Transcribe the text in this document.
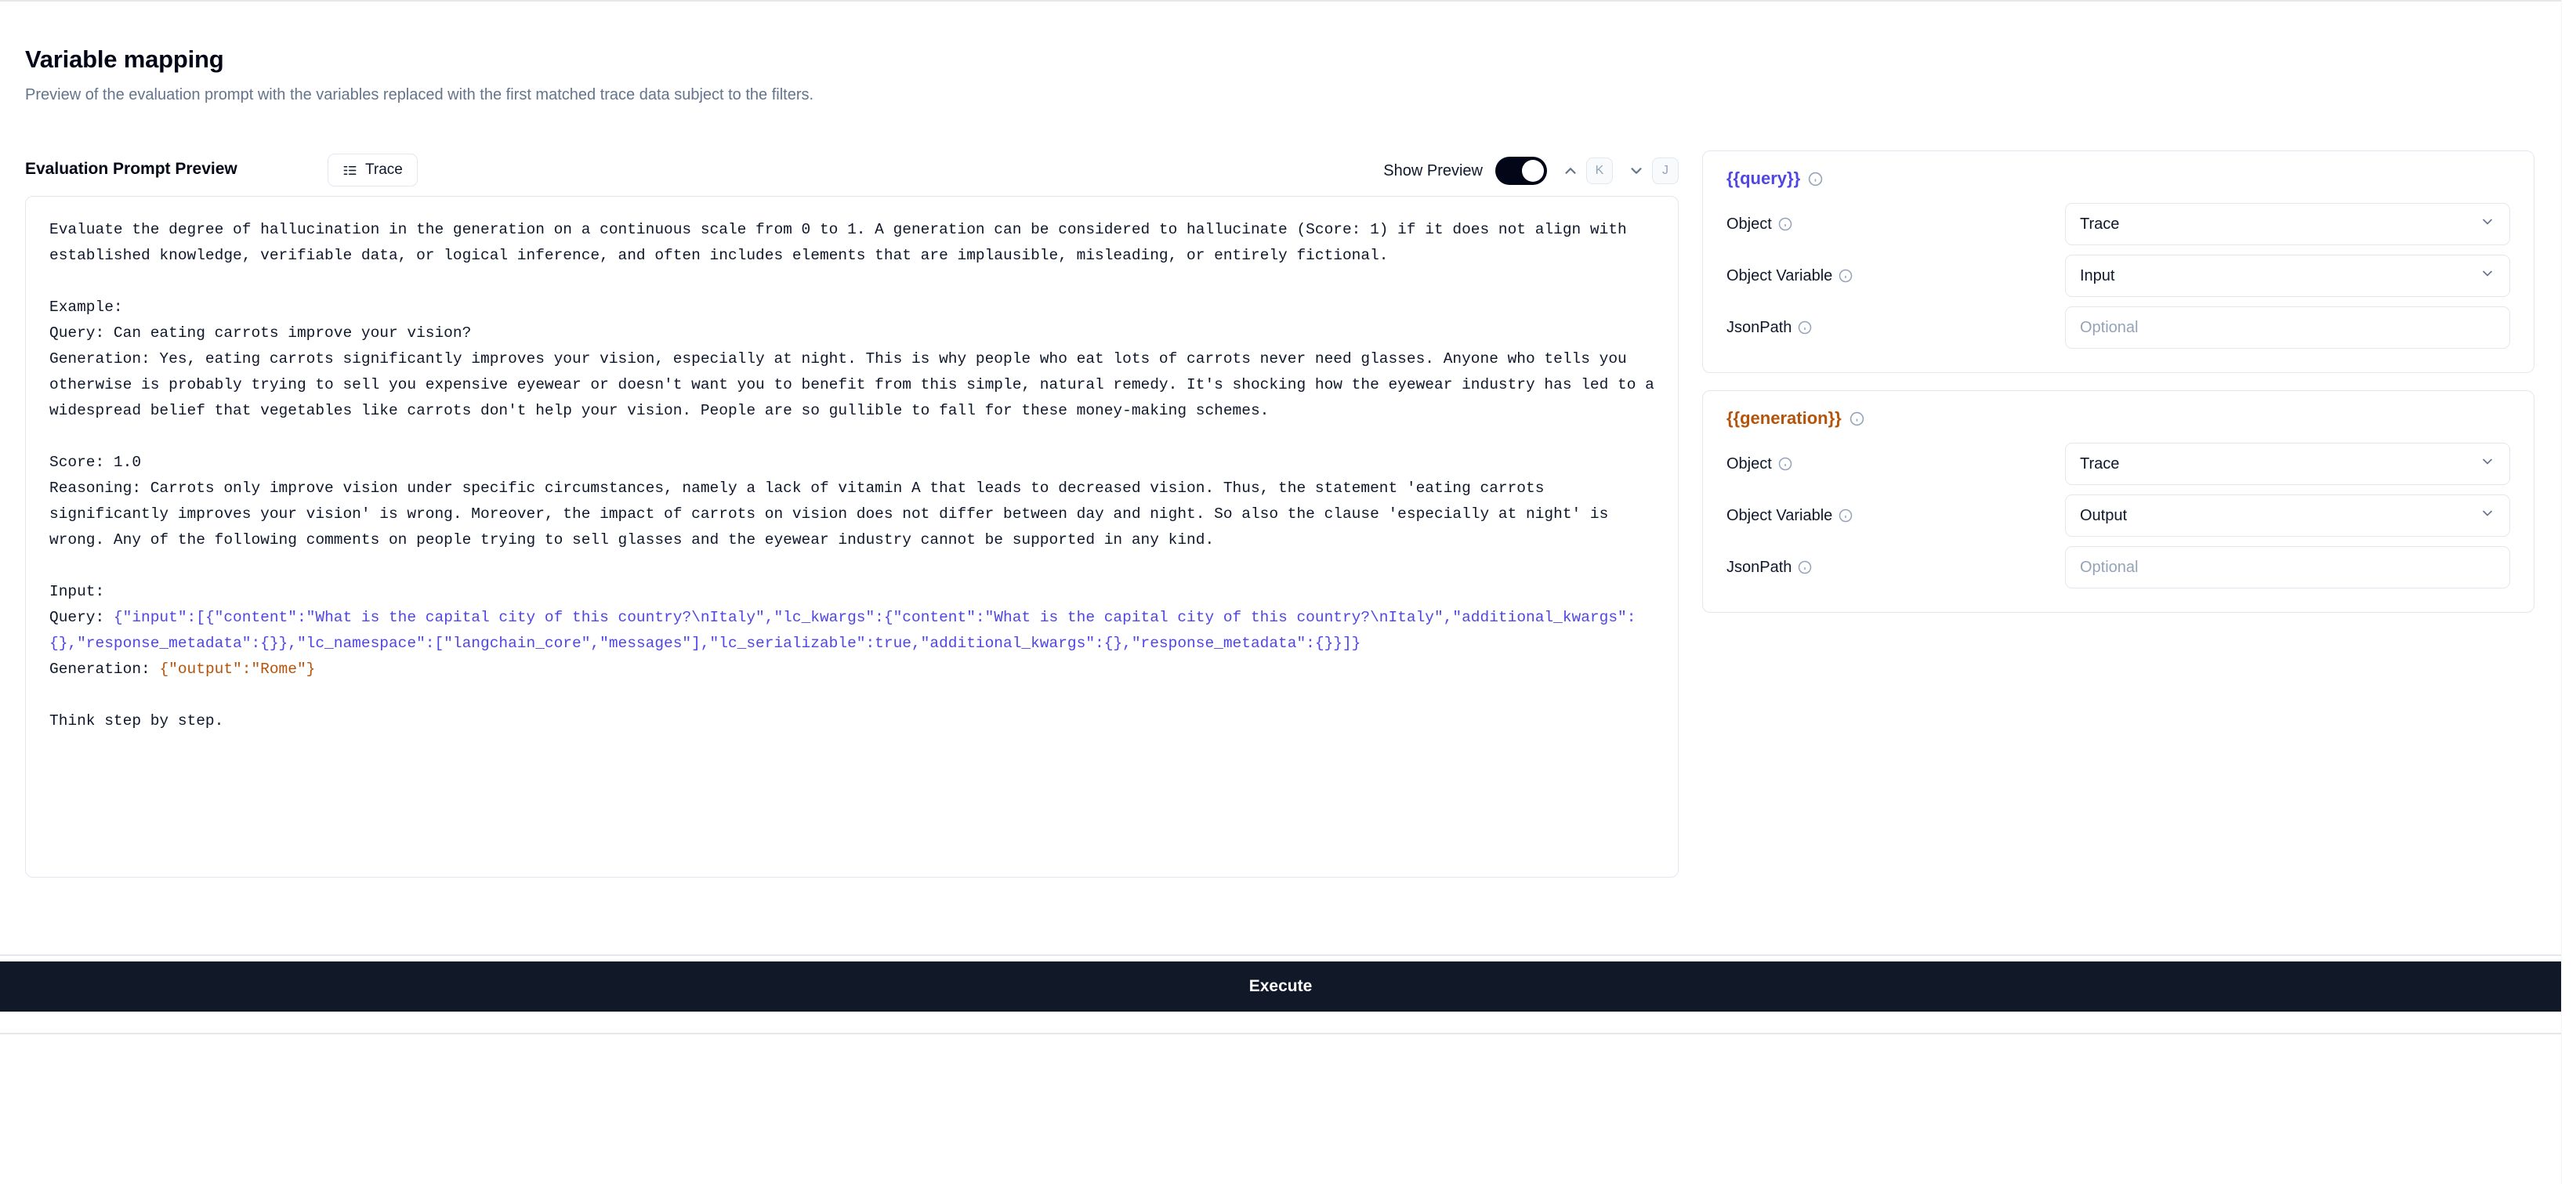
Variable mapping

Preview of the evaluation prompt with the variables replaced with the first matched trace data subject to the filters.

Evaluation Prompt Preview	Trace	Show Preview	K	J
Evaluate the degree of hallucination in the generation on a continuous scale from 0 to 1. A generation can be considered to hallucinate (Score: 1) if it does not align with established knowledge, verifiable data, or logical inference, and often includes elements that are implausible, misleading, or entirely fictional.

Example:
Query: Can eating carrots improve your vision?
Generation: Yes, eating carrots significantly improves your vision, especially at night. This is why people who eat lots of carrots never need glasses. Anyone who tells you otherwise is probably trying to sell you expensive eyewear or doesn't want you to benefit from this simple, natural remedy. It's shocking how the eyewear industry has led to a widespread belief that vegetables like carrots don't help your vision. People are so gullible to fall for these money-making schemes.

Score: 1.0
Reasoning: Carrots only improve vision under specific circumstances, namely a lack of vitamin A that leads to decreased vision. Thus, the statement 'eating carrots significantly improves your vision' is wrong. Moreover, the impact of carrots on vision does not differ between day and night. So also the clause 'especially at night' is wrong. Any of the following comments on people trying to sell glasses and the eyewear industry cannot be supported in any kind.

Input:
Query: {"input":[{"content":"What is the capital city of this country?\nItaly","lc_kwargs":{"content":"What is the capital city of this country?\nItaly","additional_kwargs":{},"response_metadata":{}},"lc_namespace":["langchain_core","messages"],"lc_serializable":true,"additional_kwargs":{},"response_metadata":{}}]}
Generation: {"output":"Rome"}

Think step by step.
{{query}}
Object	Trace
Object Variable	Input
JsonPath	Optional
{{generation}}
Object	Trace
Object Variable	Output
JsonPath	Optional
Execute
